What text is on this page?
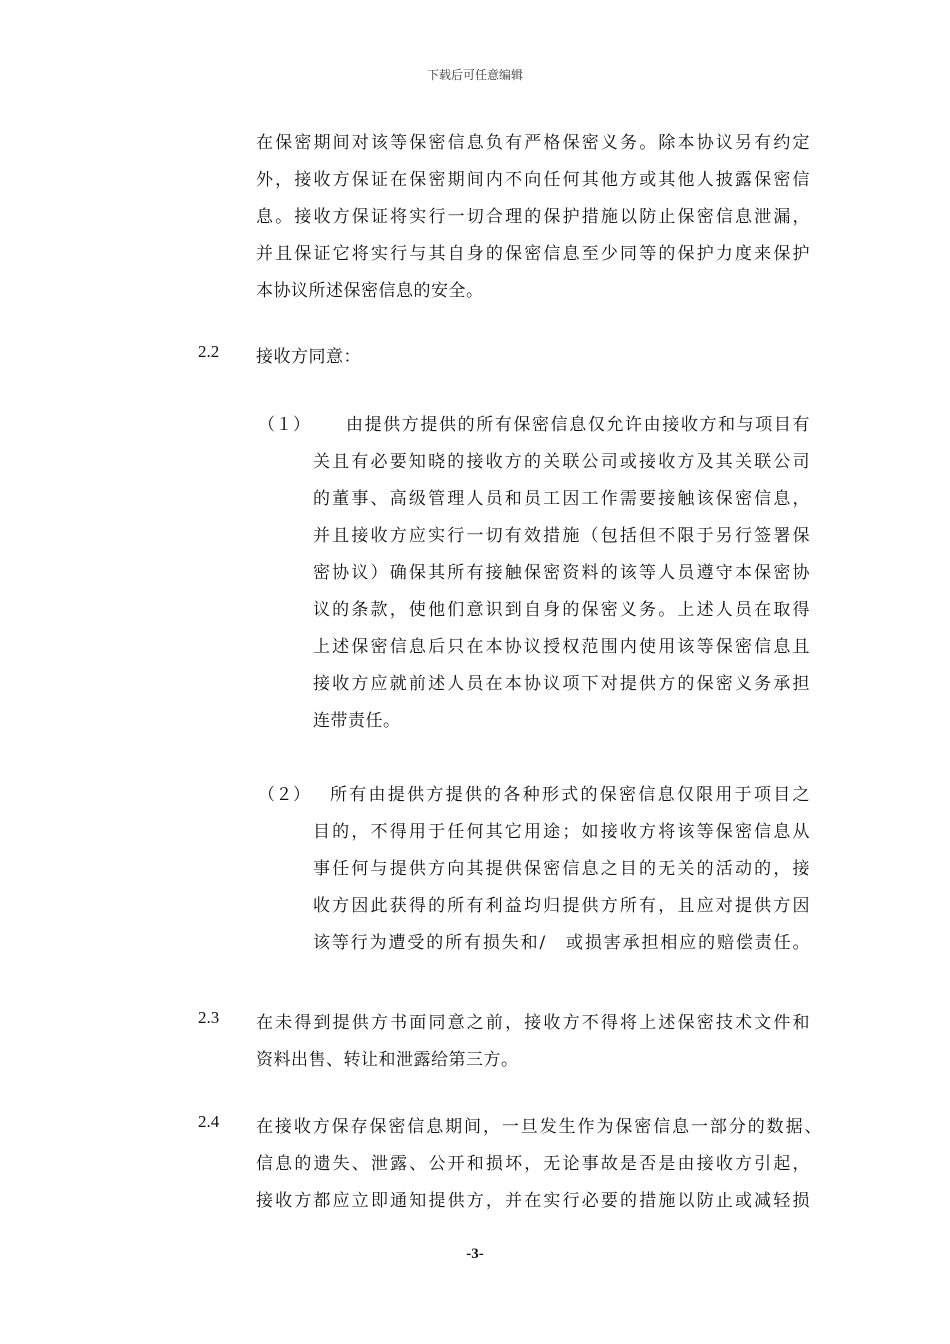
下载后可任意编辑
在保密期间对该等保密信息负有严格保密义务。除本协议另有约定
外，接收方保证在保密期间内不向任何其他方或其他人披露保密信
息。接收方保证将实行一切合理的保护措施以防止保密信息泄漏，
并且保证它将实行与其自身的保密信息至少同等的保护力度来保护
本协议所述保密信息的安全。
2.2 接收方同意：
（１） 由提供方提供的所有保密信息仅允许由接收方和与项目有
关且有必要知晓的接收方的关联公司或接收方及其关联公司
的董事、高级管理人员和员工因工作需要接触该保密信息，
并且接收方应实行一切有效措施（包括但不限于另行签署保
密协议）确保其所有接触保密资料的该等人员遵守本保密协
议的条款，使他们意识到自身的保密义务。上述人员在取得
上述保密信息后只在本协议授权范围内使用该等保密信息且
接收方应就前述人员在本协议项下对提供方的保密义务承担
连带责任。
（２） 所有由提供方提供的各种形式的保密信息仅限用于项目之
目的，不得用于任何其它用途；如接收方将该等保密信息从
事任何与提供方向其提供保密信息之目的无关的活动的，接
收方因此获得的所有利益均归提供方所有，且应对提供方因
该等行为遭受的所有损失和/　或损害承担相应的赔偿责任。
2.3 在未得到提供方书面同意之前，接收方不得将上述保密技术文件和
资料出售、转让和泄露给第三方。
2.4 在接收方保存保密信息期间，一旦发生作为保密信息一部分的数据、
信息的遗失、泄露、公开和损坏，无论事故是否是由接收方引起，
接收方都应立即通知提供方，并在实行必要的措施以防止或减轻损
-3-
